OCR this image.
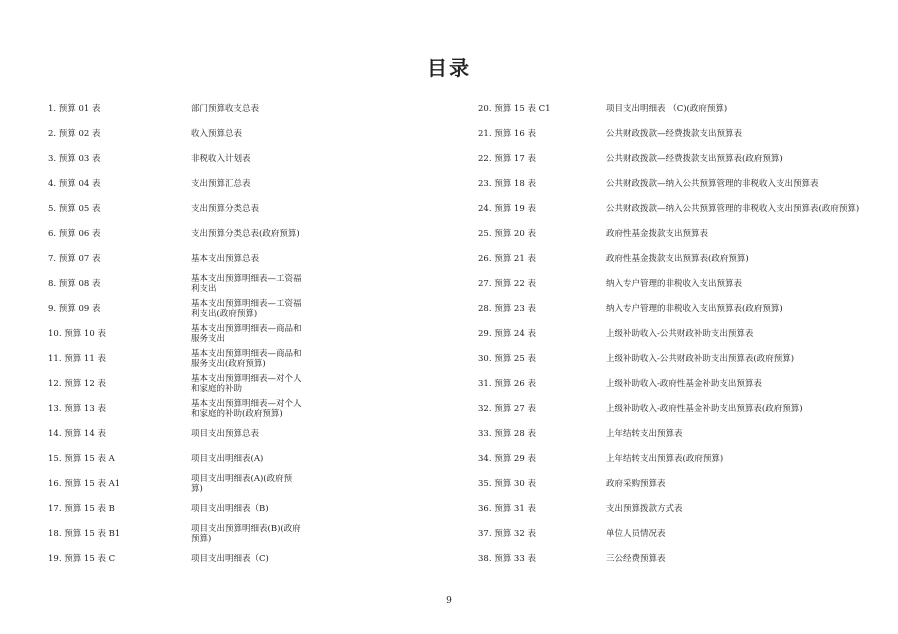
目录
1. 预算 01 表	部门预算收支总表
2. 预算 02 表	收入预算总表
3. 预算 03 表	非税收入计划表
4. 预算 04 表	支出预算汇总表
5. 预算 05 表	支出预算分类总表
6. 预算 06 表	支出预算分类总表(政府预算)
7. 预算 07 表	基本支出预算总表
8. 预算 08 表	基本支出预算明细表—工资福利支出
9. 预算 09 表	基本支出预算明细表—工资福利支出(政府预算)
10. 预算 10 表	基本支出预算明细表—商品和服务支出
11. 预算 11 表	基本支出预算明细表—商品和服务支出(政府预算)
12. 预算 12 表	基本支出预算明细表—对个人和家庭的补助
13. 预算 13 表	基本支出预算明细表—对个人和家庭的补助(政府预算)
14. 预算 14 表	项目支出预算总表
15. 预算 15 表 A	项目支出明细表(A)
16. 预算 15 表 A1	项目支出明细表(A)(政府预算)
17. 预算 15 表 B	项目支出明细表（B)
18. 预算 15 表 B1	项目支出预算明细表(B)(政府预算)
19. 预算 15 表 C	项目支出明细表（C)
20. 预算 15 表 C1	项目支出明细表 （C)(政府预算)
21. 预算 16 表	公共财政拨款—经费拨款支出预算表
22. 预算 17 表	公共财政拨款—经费拨款支出预算表(政府预算)
23. 预算 18 表	公共财政拨款—纳入公共预算管理的非税收入支出预算表
24. 预算 19 表	公共财政拨款—纳入公共预算管理的非税收入支出预算表(政府预算)
25. 预算 20 表	政府性基金拨款支出预算表
26. 预算 21 表	政府性基金拨款支出预算表(政府预算)
27. 预算 22 表	纳入专户管理的非税收入支出预算表
28. 预算 23 表	纳入专户管理的非税收入支出预算表(政府预算)
29. 预算 24 表	上级补助收入-公共财政补助支出预算表
30. 预算 25 表	上级补助收入-公共财政补助支出预算表(政府预算)
31. 预算 26 表	上级补助收入-政府性基金补助支出预算表
32. 预算 27 表	上级补助收入-政府性基金补助支出预算表(政府预算)
33. 预算 28 表	上年结转支出预算表
34. 预算 29 表	上年结转支出预算表(政府预算)
35. 预算 30 表	政府采购预算表
36. 预算 31 表	支出预算拨款方式表
37. 预算 32 表	单位人员情况表
38. 预算 33 表	三公经费预算表
9
